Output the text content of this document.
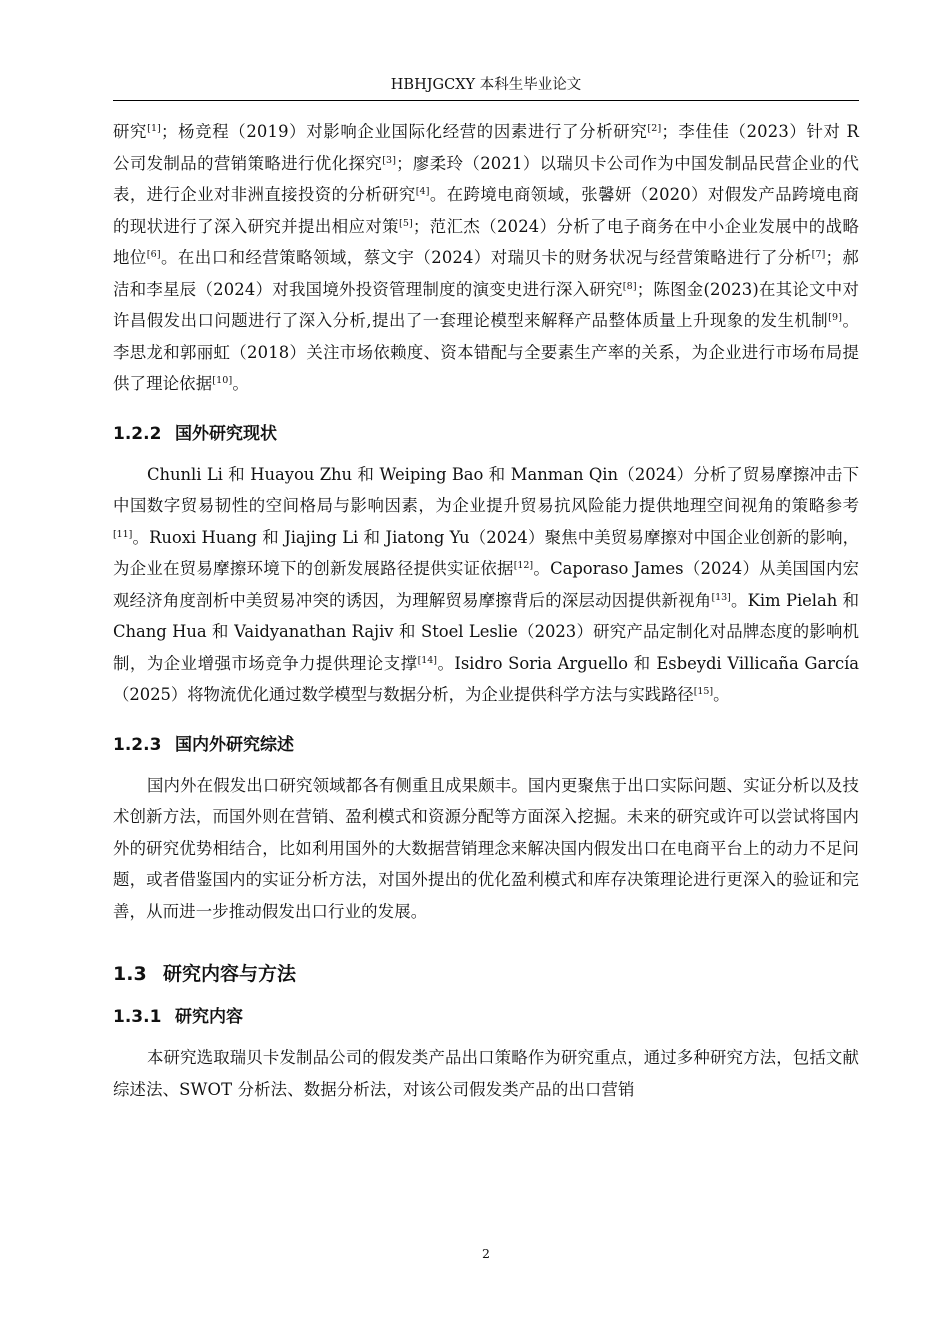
HBHJGCXY 本科生毕业论文

研究[1]；杨竞程（2019）对影响企业国际化经营的因素进行了分析研究[2]；李佳佳（2023）针对 R 公司发制品的营销策略进行优化探究[3]；廖柔玲（2021）以瑞贝卡公司作为中国发制品民营企业的代表，进行企业对非洲直接投资的分析研究[4]。在跨境电商领域，张馨妍（2020）对假发产品跨境电商的现状进行了深入研究并提出相应对策[5]；范汇杰（2024）分析了电子商务在中小企业发展中的战略地位[6]。在出口和经营策略领域，蔡文宇（2024）对瑞贝卡的财务状况与经营策略进行了分析[7]；郝洁和李星辰（2024）对我国境外投资管理制度的演变史进行深入研究[8]；陈图金(2023)在其论文中对许昌假发出口问题进行了深入分析,提出了一套理论模型来解释产品整体质量上升现象的发生机制[9]。李思龙和郭丽虹（2018）关注市场依赖度、资本错配与全要素生产率的关系，为企业进行市场布局提供了理论依据[10]。

1.2.2 国外研究现状

Chunli Li 和 Huayou Zhu 和 Weiping Bao 和 Manman Qin（2024）分析了贸易摩擦冲击下中国数字贸易韧性的空间格局与影响因素，为企业提升贸易抗风险能力提供地理空间视角的策略参考[11]。Ruoxi Huang 和 Jiajing Li 和 Jiatong Yu（2024）聚焦中美贸易摩擦对中国企业创新的影响，为企业在贸易摩擦环境下的创新发展路径提供实证依据[12]。Caporaso James（2024）从美国国内宏观经济角度剖析中美贸易冲突的诱因，为理解贸易摩擦背后的深层动因提供新视角[13]。Kim Pielah 和 Chang Hua 和 Vaidyanathan Rajiv 和 Stoel Leslie（2023）研究产品定制化对品牌态度的影响机制，为企业增强市场竞争力提供理论支撑[14]。Isidro Soria Arguello 和 Esbeydi Villicaña García（2025）将物流优化通过数学模型与数据分析，为企业提供科学方法与实践路径[15]。

1.2.3 国内外研究综述

国内外在假发出口研究领域都各有侧重且成果颇丰。国内更聚焦于出口实际问题、实证分析以及技术创新方法，而国外则在营销、盈利模式和资源分配等方面深入挖掘。未来的研究或许可以尝试将国内外的研究优势相结合，比如利用国外的大数据营销理念来解决国内假发出口在电商平台上的动力不足问题，或者借鉴国内的实证分析方法，对国外提出的优化盈利模式和库存决策理论进行更深入的验证和完善，从而进一步推动假发出口行业的发展。

1.3 研究内容与方法
1.3.1 研究内容

本研究选取瑞贝卡发制品公司的假发类产品出口策略作为研究重点，通过多种研究方法，包括文献综述法、SWOT 分析法、数据分析法，对该公司假发类产品的出口营销

2
